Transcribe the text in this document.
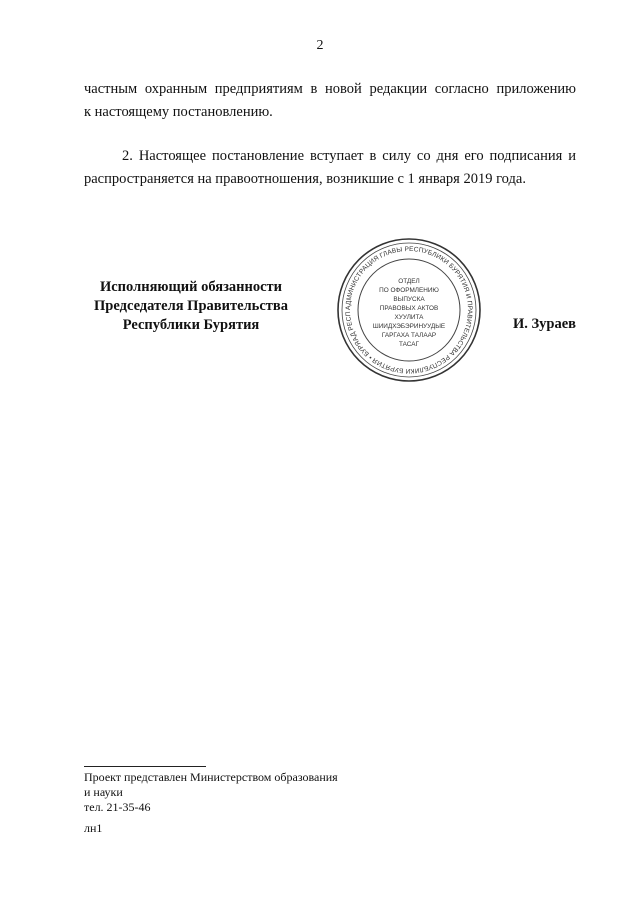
2

частным охранным предприятиям в новой редакции согласно приложению
к настоящему постановлению.

2. Настоящее постановление вступает в силу со дня его подписания и
распространяется на правоотношения, возникшие с 1 января 2019 года.

Исполняющий обязанности
Председателя Правительства
Республики Бурятия
АДМИНИСТРАЦИЯ ГЛАВЫ РЕСПУБЛИКИ БУРЯТИЯ И ПРАВИТЕЛЬСТВА РЕСПУБЛИКИ БУРЯТИЯ • БУРЯАД РЕСП
ОТДЕЛ
ПО ОФОРМЛЕНИЮ
ВЫПУСКА
ПРАВОВЫХ АКТОВ
ХУУЛИТА
ШИИДХЭБЭРИНУУДЫЕ
ГАРГАХА ТАЛААР
ТАСАГ
И. Зураев
Проект представлен Министерством образования
и науки
тел. 21-35-46
лн1
